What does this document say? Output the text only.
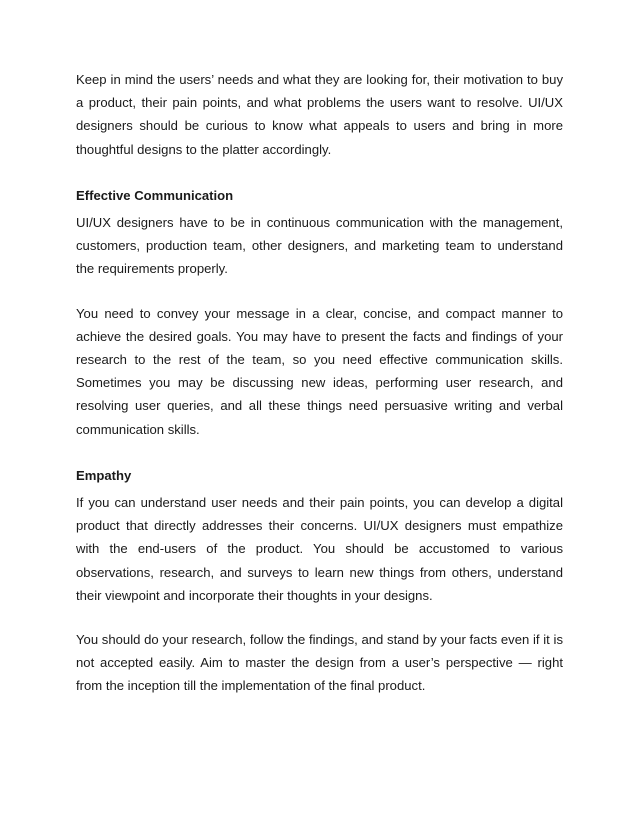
Keep in mind the users’ needs and what they are looking for, their motivation to buy a product, their pain points, and what problems the users want to resolve. UI/UX designers should be curious to know what appeals to users and bring in more thoughtful designs to the platter accordingly.

Effective Communication

UI/UX designers have to be in continuous communication with the management, customers, production team, other designers, and marketing team to understand the requirements properly.

You need to convey your message in a clear, concise, and compact manner to achieve the desired goals. You may have to present the facts and findings of your research to the rest of the team, so you need effective communication skills. Sometimes you may be discussing new ideas, performing user research, and resolving user queries, and all these things need persuasive writing and verbal communication skills.

Empathy

If you can understand user needs and their pain points, you can develop a digital product that directly addresses their concerns. UI/UX designers must empathize with the end-users of the product. You should be accustomed to various observations, research, and surveys to learn new things from others, understand their viewpoint and incorporate their thoughts in your designs.

You should do your research, follow the findings, and stand by your facts even if it is not accepted easily. Aim to master the design from a user’s perspective — right from the inception till the implementation of the final product.
